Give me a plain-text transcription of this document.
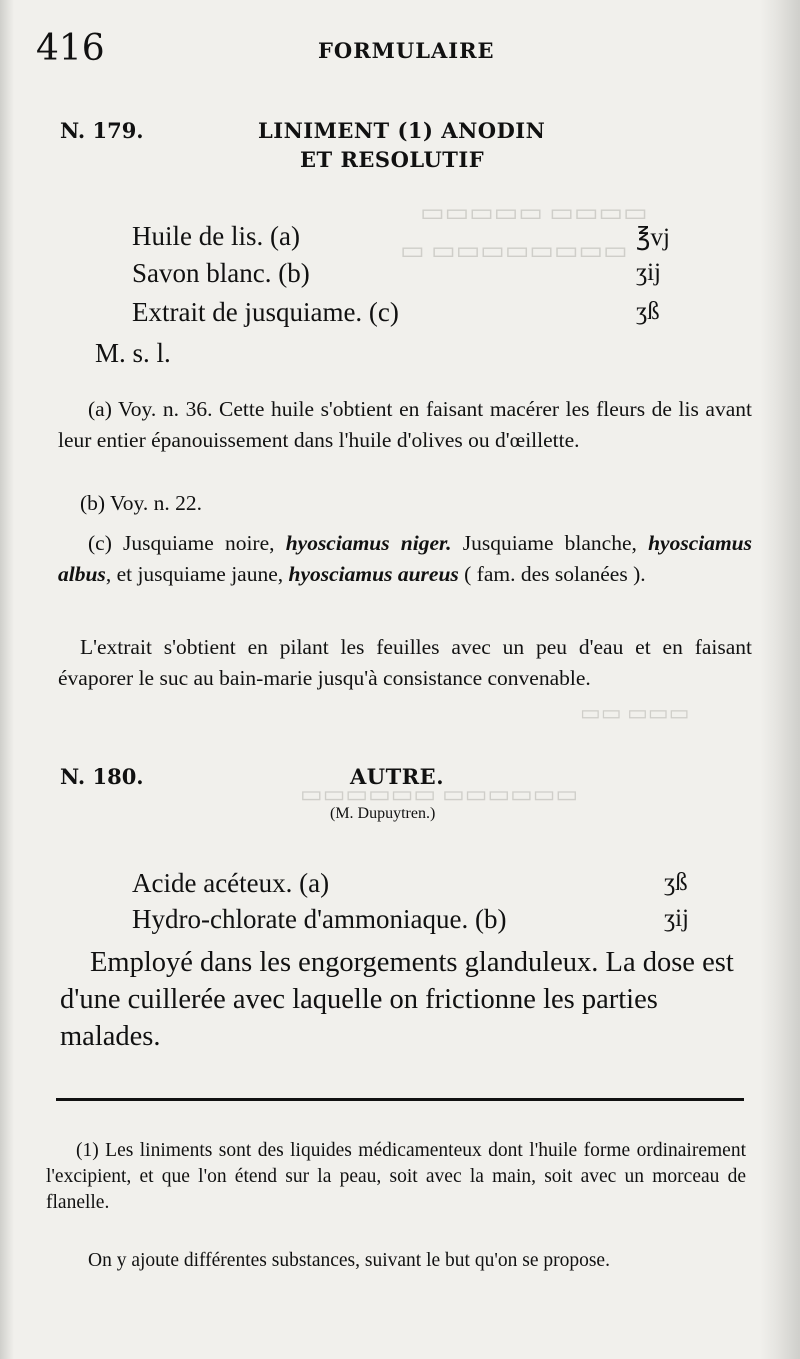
▭▭▭▭ ▭▭▭▭▭
▭▭▭▭▭▭▭▭ ▭
▭▭▭ ▭▭
▭▭▭▭▭▭ ▭▭▭▭▭▭
416	FORMULAIRE
N. 179.	LINIMENT (1) ANODIN
ET RESOLUTIF
Huile de lis. (a)	℥vj
Savon blanc. (b)	ʒij
Extrait de jusquiame. (c)	ʒß
M. s. l.
(a) Voy. n. 36. Cette huile s'obtient en faisant macérer les fleurs de lis avant leur entier épanouissement dans l'huile d'olives ou d'œillette.
(b) Voy. n. 22.
(c) Jusquiame noire, hyosciamus niger. Jusquiame blanche, hyosciamus albus, et jusquiame jaune, hyosciamus aureus ( fam. des solanées ).
L'extrait s'obtient en pilant les feuilles avec un peu d'eau et en faisant évaporer le suc au bain-marie jusqu'à consistance convenable.
N. 180.	AUTRE.
(M. Dupuytren.)
Acide acéteux. (a)	ʒß
Hydro-chlorate d'ammoniaque. (b)	ʒij
Employé dans les engorgements glanduleux. La dose est d'une cuillerée avec laquelle on frictionne les parties malades.
(1) Les liniments sont des liquides médicamenteux dont l'huile forme ordinairement l'excipient, et que l'on étend sur la peau, soit avec la main, soit avec un morceau de flanelle.
On y ajoute différentes substances, suivant le but qu'on se propose.
